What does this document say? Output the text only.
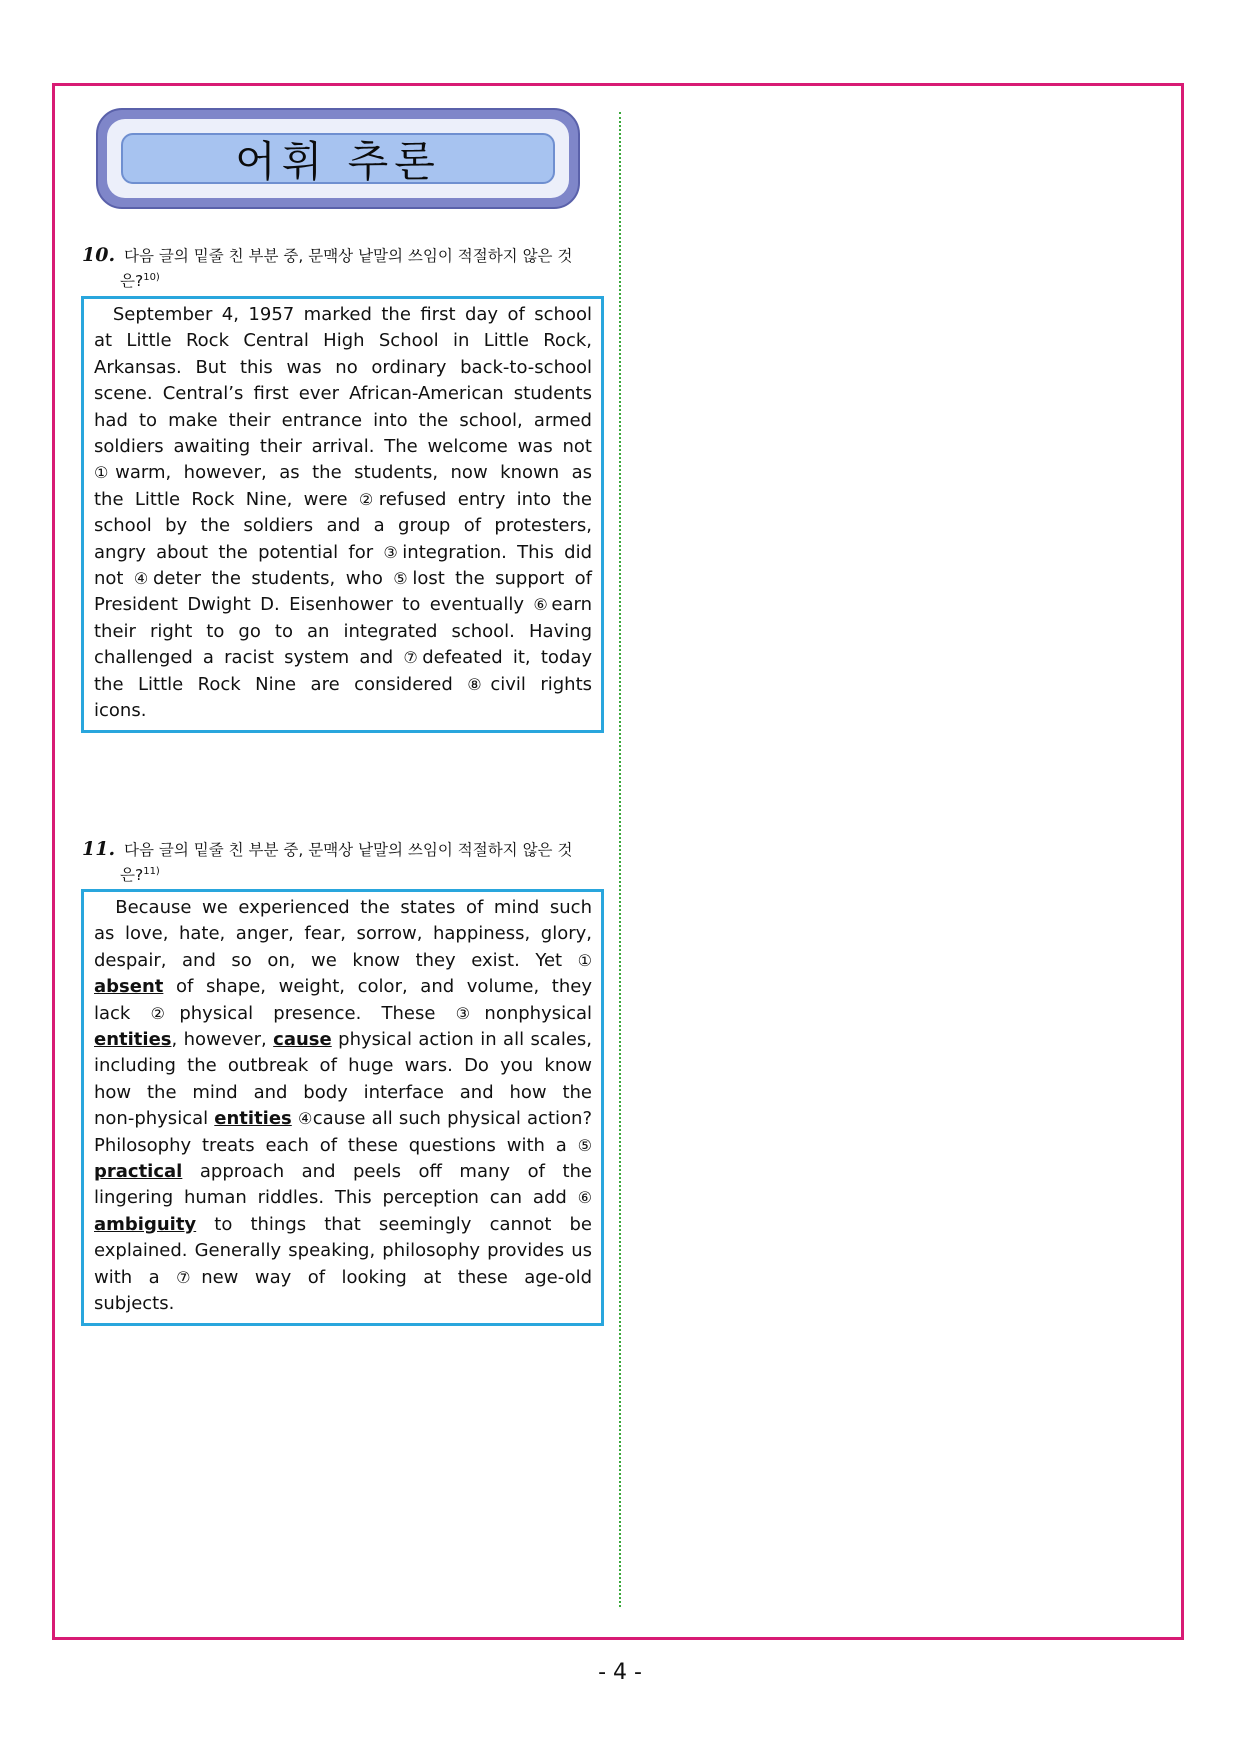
어휘 추론
10. 다음 글의 밑줄 친 부분 중, 문맥상 낱말의 쓰임이 적절하지 않은 것
은?$^{10)}$
September 4, 1957 marked the first day of school
at Little Rock Central High School in Little Rock,
Arkansas. But this was no ordinary back-to-school
scene. Central’s first ever African-American students
had to make their entrance into the school, armed
soldiers awaiting their arrival. The welcome was not
①warm, however, as the students, now known as
the Little Rock Nine, were ②refused entry into the
school by the soldiers and a group of protesters,
angry about the potential for ③integration. This did
not ④deter the students, who ⑤lost the support of
President Dwight D. Eisenhower to eventually ⑥earn
their right to go to an integrated school. Having
challenged a racist system and ⑦defeated it, today
the Little Rock Nine are considered ⑧civil rights
icons.
11. 다음 글의 밑줄 친 부분 중, 문맥상 낱말의 쓰임이 적절하지 않은 것
은?$^{11)}$
Because we experienced the states of mind such
as love, hate, anger, fear, sorrow, happiness, glory,
despair, and so on, we know they exist. Yet ①
absent of shape, weight, color, and volume, they
lack ②physical presence. These ③nonphysical
entities, however, cause physical action in all scales,
including the outbreak of huge wars. Do you know
how the mind and body interface and how the
non-physical entities ④cause all such physical action?
Philosophy treats each of these questions with a ⑤
practical approach and peels off many of the
lingering human riddles. This perception can add ⑥
ambiguity to things that seemingly cannot be
explained. Generally speaking, philosophy provides us
with a ⑦new way of looking at these age-old
subjects.
- 4 -
